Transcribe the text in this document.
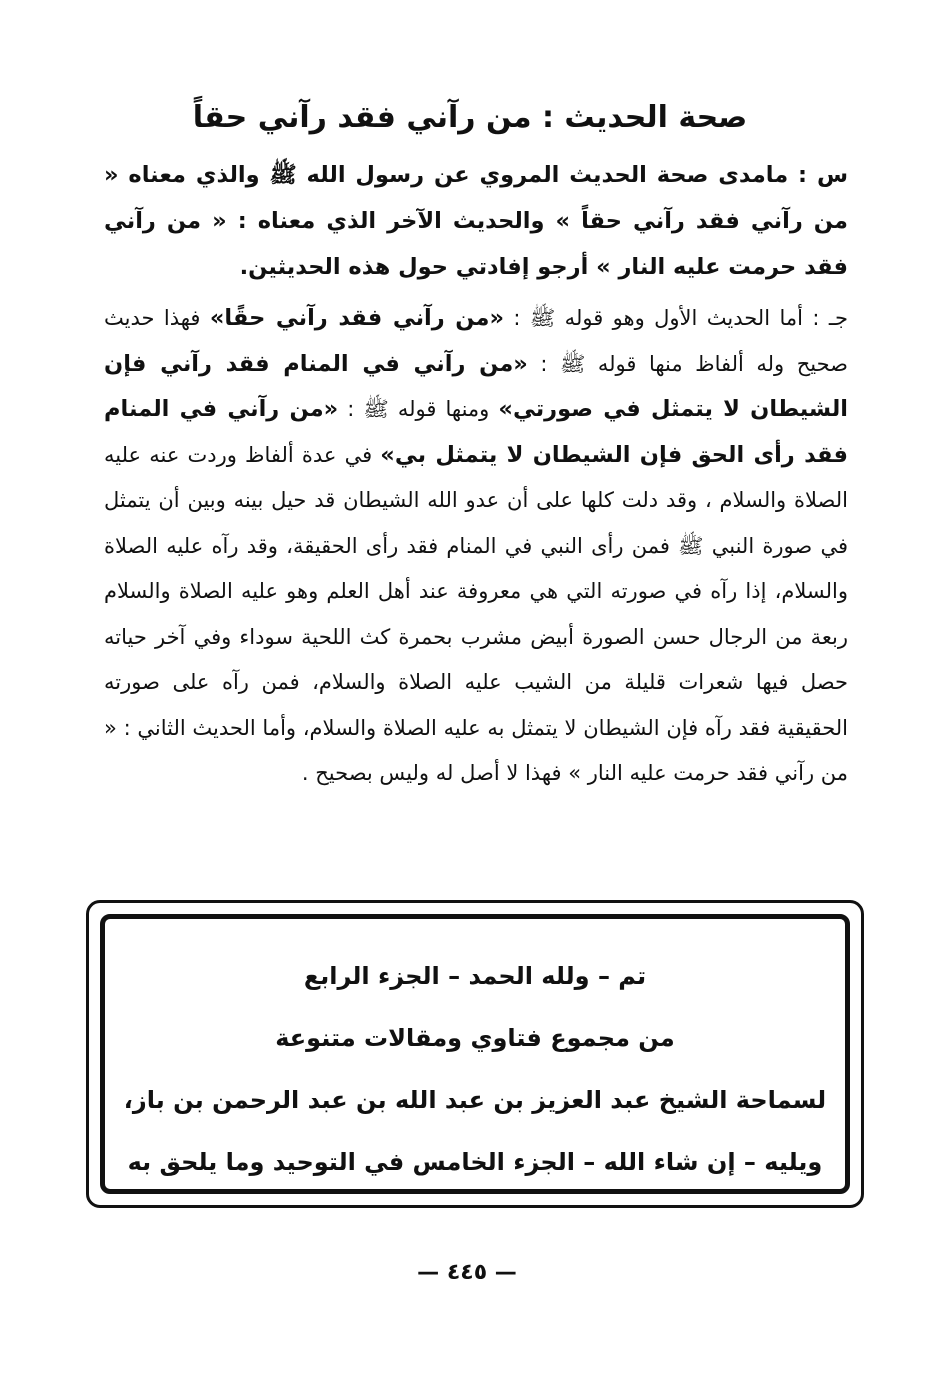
صحة الحديث : من رآني فقد رآني حقاً
س : مامدى صحة الحديث المروي عن رسول الله ﷺ والذي معناه « من رآني فقد رآني حقاً » والحديث الآخر الذي معناه : « من رآني فقد حرمت عليه النار » أرجو إفادتي حول هذه الحديثين.
جـ : أما الحديث الأول وهو قوله ﷺ : «من رآني فقد رآني حقًا» فهذا حديث صحيح وله ألفاظ منها قوله ﷺ : «من رآني في المنام فقد رآني فإن الشيطان لا يتمثل في صورتي» ومنها قوله ﷺ : «من رآني في المنام فقد رأى الحق فإن الشيطان لا يتمثل بي» في عدة ألفاظ وردت عنه عليه الصلاة والسلام ، وقد دلت كلها على أن عدو الله الشيطان قد حيل بينه وبين أن يتمثل في صورة النبي ﷺ فمن رأى النبي في المنام فقد رأى الحقيقة، وقد رآه عليه الصلاة والسلام، إذا رآه في صورته التي هي معروفة عند أهل العلم وهو عليه الصلاة والسلام ربعة من الرجال حسن الصورة أبيض مشرب بحمرة كث اللحية سوداء وفي آخر حياته حصل فيها شعرات قليلة من الشيب عليه الصلاة والسلام، فمن رآه على صورته الحقيقية فقد رآه فإن الشيطان لا يتمثل به عليه الصلاة والسلام، وأما الحديث الثاني : « من رآني فقد حرمت عليه النار » فهذا لا أصل له وليس بصحيح .
تم – ولله الحمد – الجزء الرابع
من مجموع فتاوي ومقالات متنوعة
لسماحة الشيخ عبد العزيز بن عبد الله بن عبد الرحمن بن باز،
ويليه – إن شاء الله – الجزء الخامس في التوحيد وما يلحق به
— ٤٤٥ —
